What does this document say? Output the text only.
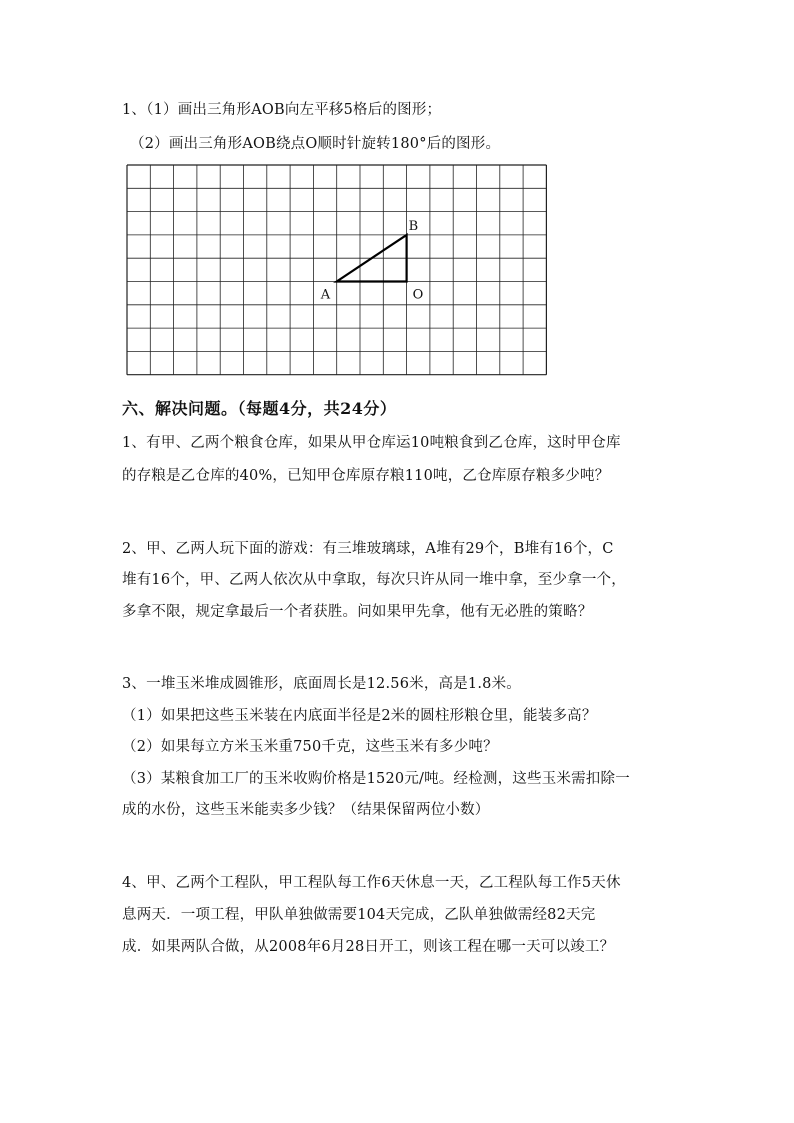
1、（1）画出三角形AOB向左平移5格后的图形；
（2）画出三角形AOB绕点O顺时针旋转180°后的图形。
A	O
B
六、解决问题。（每题4分，共24分）
1、有甲、乙两个粮食仓库，如果从甲仓库运10吨粮食到乙仓库，这时甲仓库
的存粮是乙仓库的40%，已知甲仓库原存粮110吨，乙仓库原存粮多少吨？
2、甲、乙两人玩下面的游戏：有三堆玻璃球，A堆有29个，B堆有16个，C
堆有16个，甲、乙两人依次从中拿取，每次只许从同一堆中拿，至少拿一个，
多拿不限，规定拿最后一个者获胜。问如果甲先拿，他有无必胜的策略？
3、一堆玉米堆成圆锥形，底面周长是12.56米，高是1.8米。
（1）如果把这些玉米装在内底面半径是2米的圆柱形粮仓里，能装多高？
（2）如果每立方米玉米重750千克，这些玉米有多少吨？
（3）某粮食加工厂的玉米收购价格是1520元/吨。经检测，这些玉米需扣除一
成的水份，这些玉米能卖多少钱？（结果保留两位小数）
4、甲、乙两个工程队，甲工程队每工作6天休息一天，乙工程队每工作5天休
息两天．一项工程，甲队单独做需要104天完成，乙队单独做需经82天完
成．如果两队合做，从2008年6月28日开工，则该工程在哪一天可以竣工？
